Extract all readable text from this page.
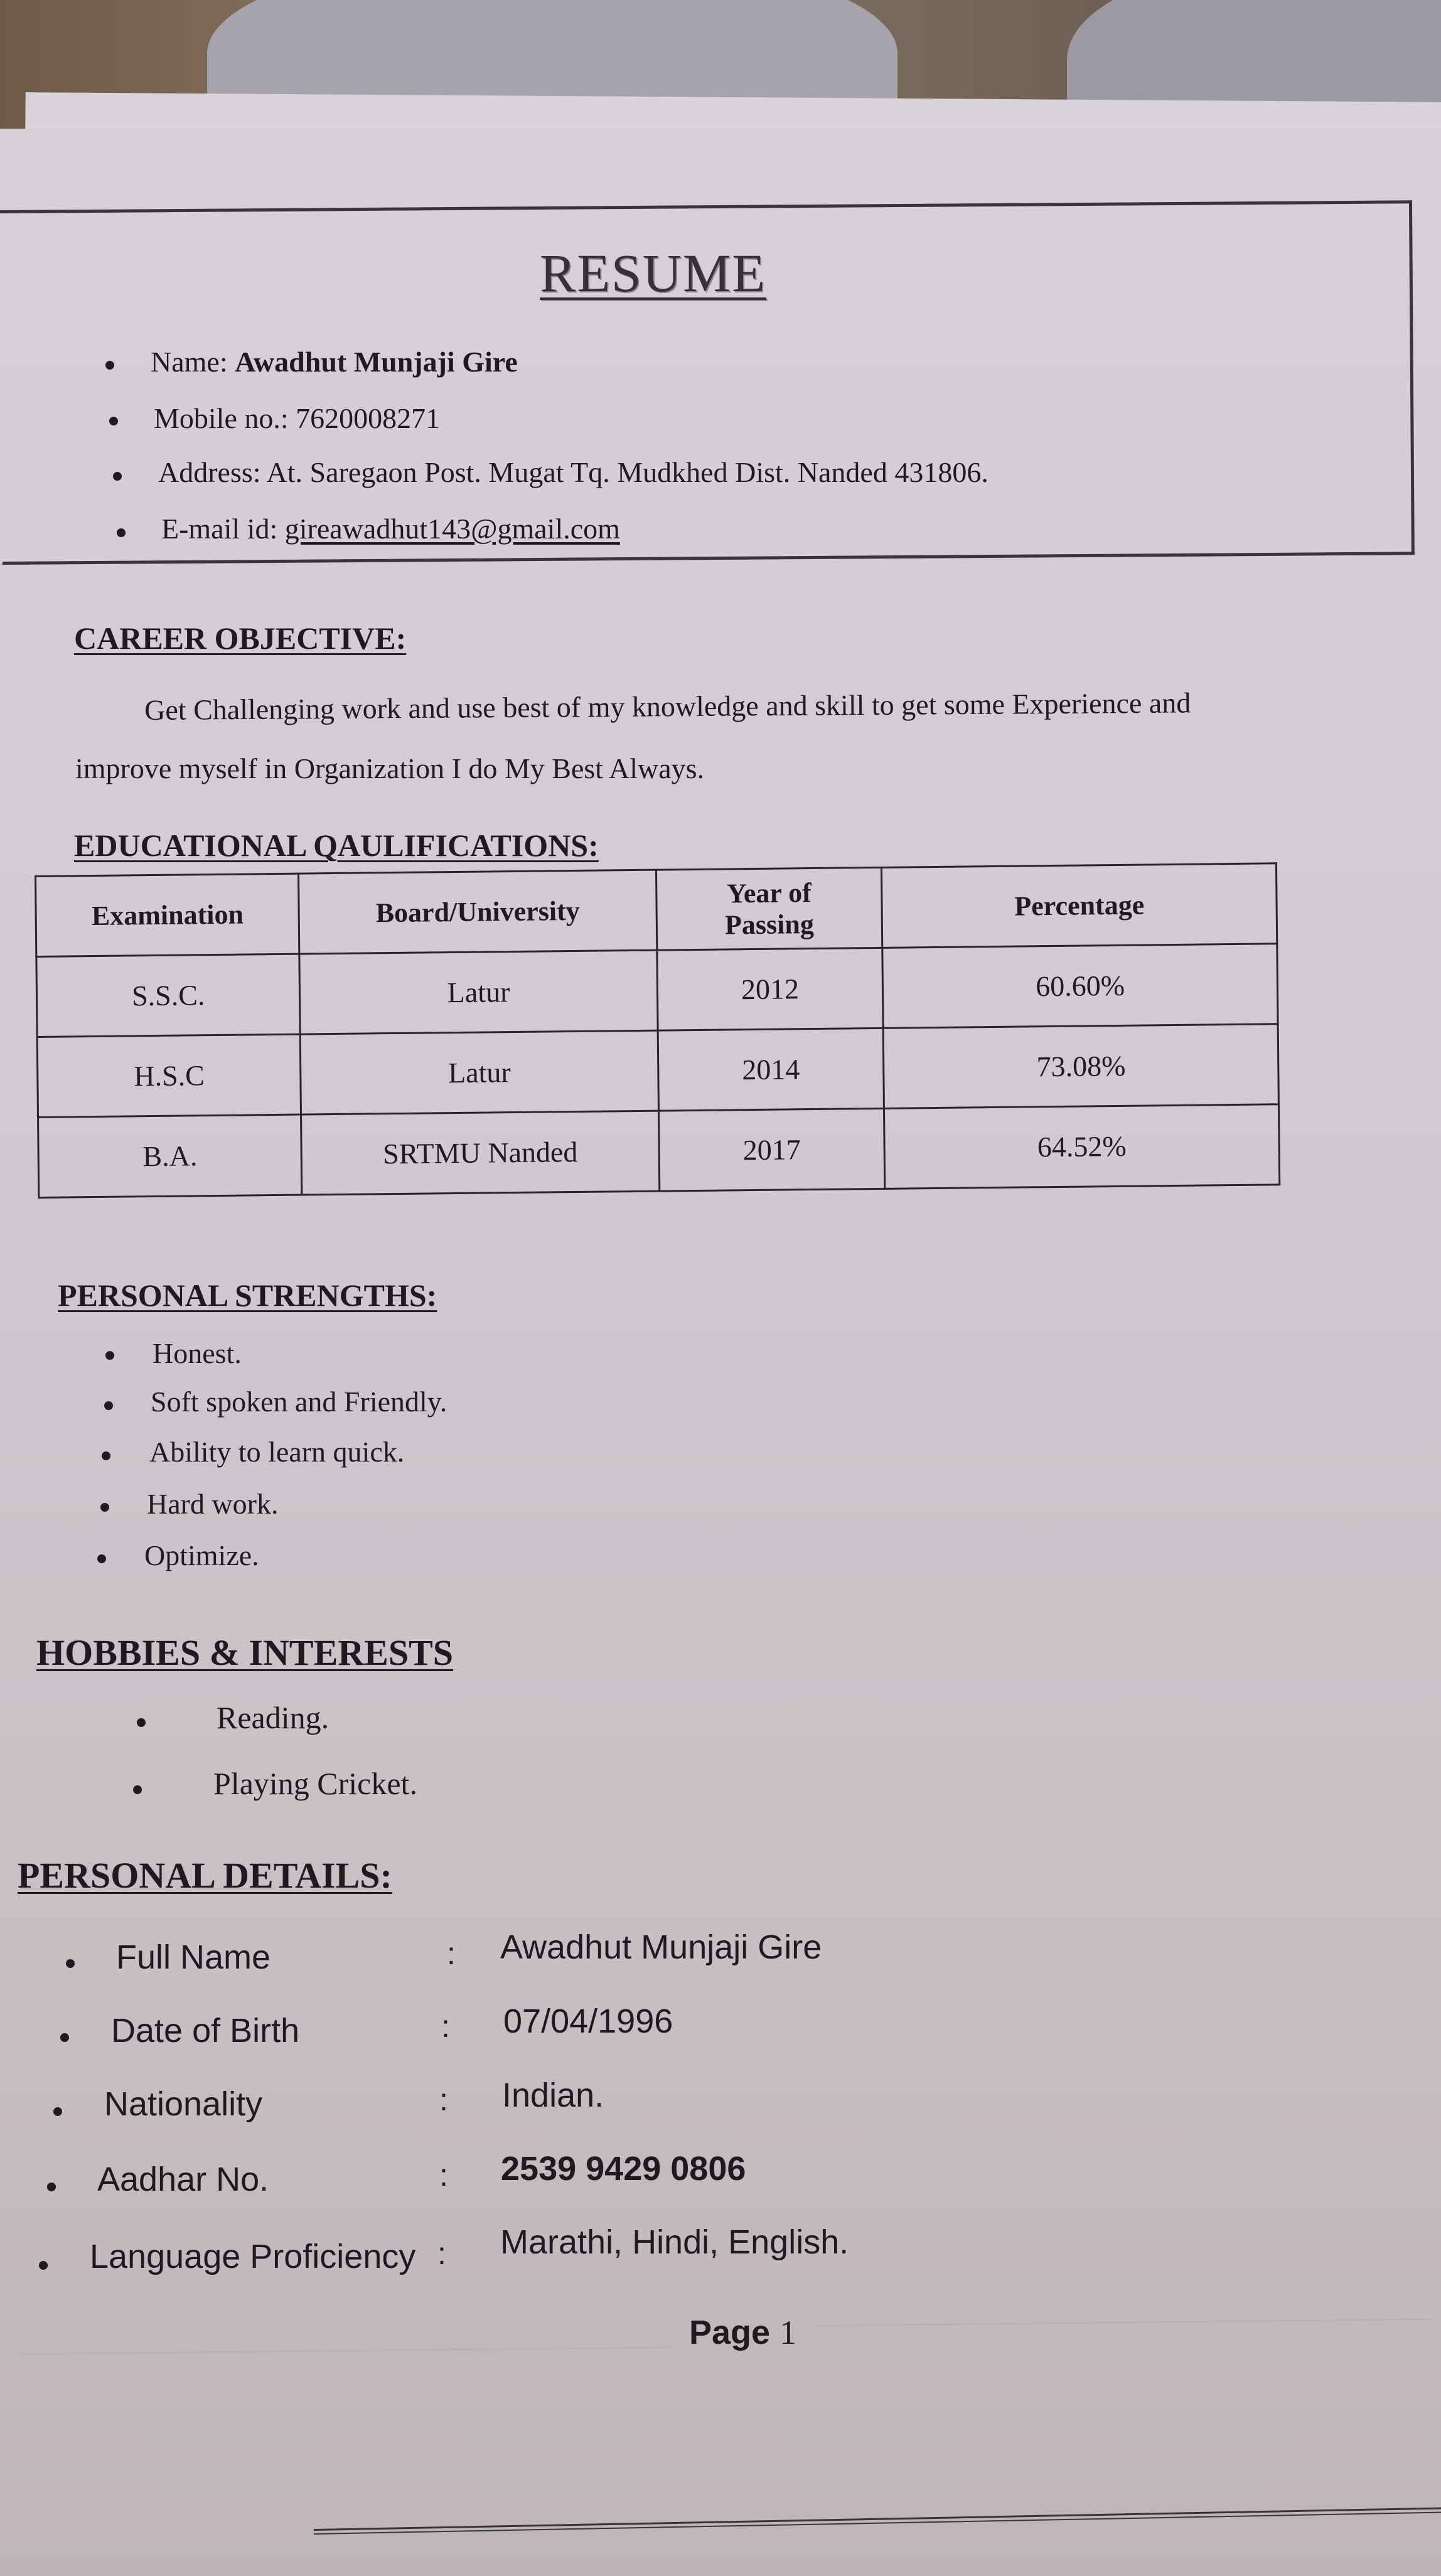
RESUME
Name: Awadhut Munjaji Gire
Mobile no.: 7620008271
Address: At. Saregaon Post. Mugat Tq. Mudkhed Dist. Nanded 431806.
E-mail id: gireawadhut143@gmail.com
CAREER OBJECTIVE:
Get Challenging work and use best of my knowledge and skill to get some Experience and
improve myself in Organization I do My Best Always.
EDUCATIONAL QAULIFICATIONS:
Examination	Board/University	Year of Passing	Percentage
S.S.C.	Latur	2012	60.60%
H.S.C	Latur	2014	73.08%
B.A.	SRTMU Nanded	2017	64.52%
PERSONAL STRENGTHS:
Honest.
Soft spoken and Friendly.
Ability to learn quick.
Hard work.
Optimize.
HOBBIES & INTERESTS
Reading.
Playing Cricket.
PERSONAL DETAILS:
Full Name	: Awadhut Munjaji Gire
Date of Birth	: 07/04/1996
Nationality	: Indian.
Aadhar No.	: 2539 9429 0806
Language Proficiency : Marathi, Hindi, English.
Page 1
